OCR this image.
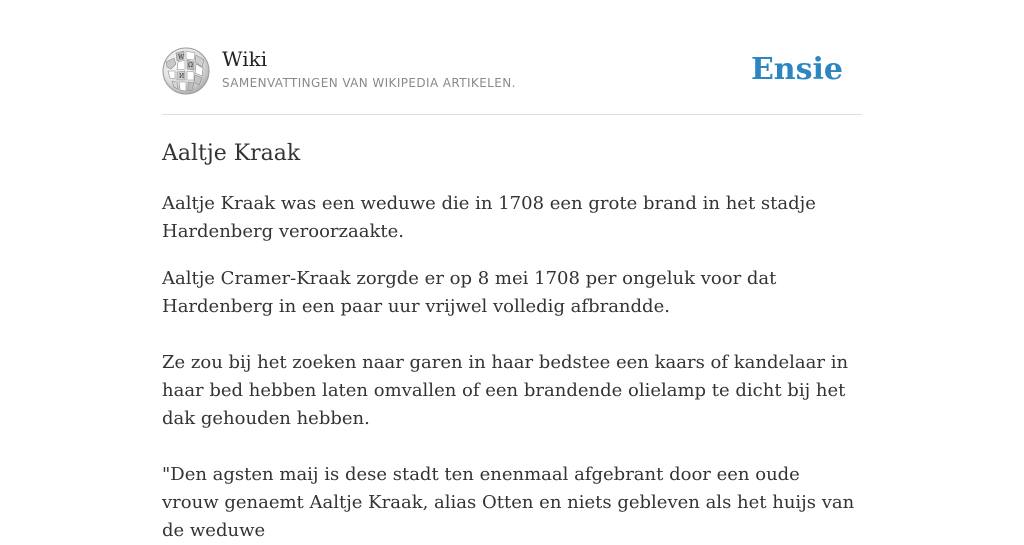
W
Ω
И
Wiki
SAMENVATTINGEN VAN WIKIPEDIA ARTIKELEN.	Ensie
Aaltje Kraak

Aaltje Kraak was een weduwe die in 1708 een grote brand in het stadje Hardenberg veroorzaakte.

Aaltje Cramer-Kraak zorgde er op 8 mei 1708 per ongeluk voor dat Hardenberg in een paar uur vrijwel volledig afbrandde.

Ze zou bij het zoeken naar garen in haar bedstee een kaars of kandelaar in haar bed hebben laten omvallen of een brandende olielamp te dicht bij het dak gehouden hebben.

"Den agsten maij is dese stadt ten enenmaal afgebrant door een oude vrouw genaemt Aaltje Kraak, alias Otten en niets gebleven als het huijs van de weduwe
